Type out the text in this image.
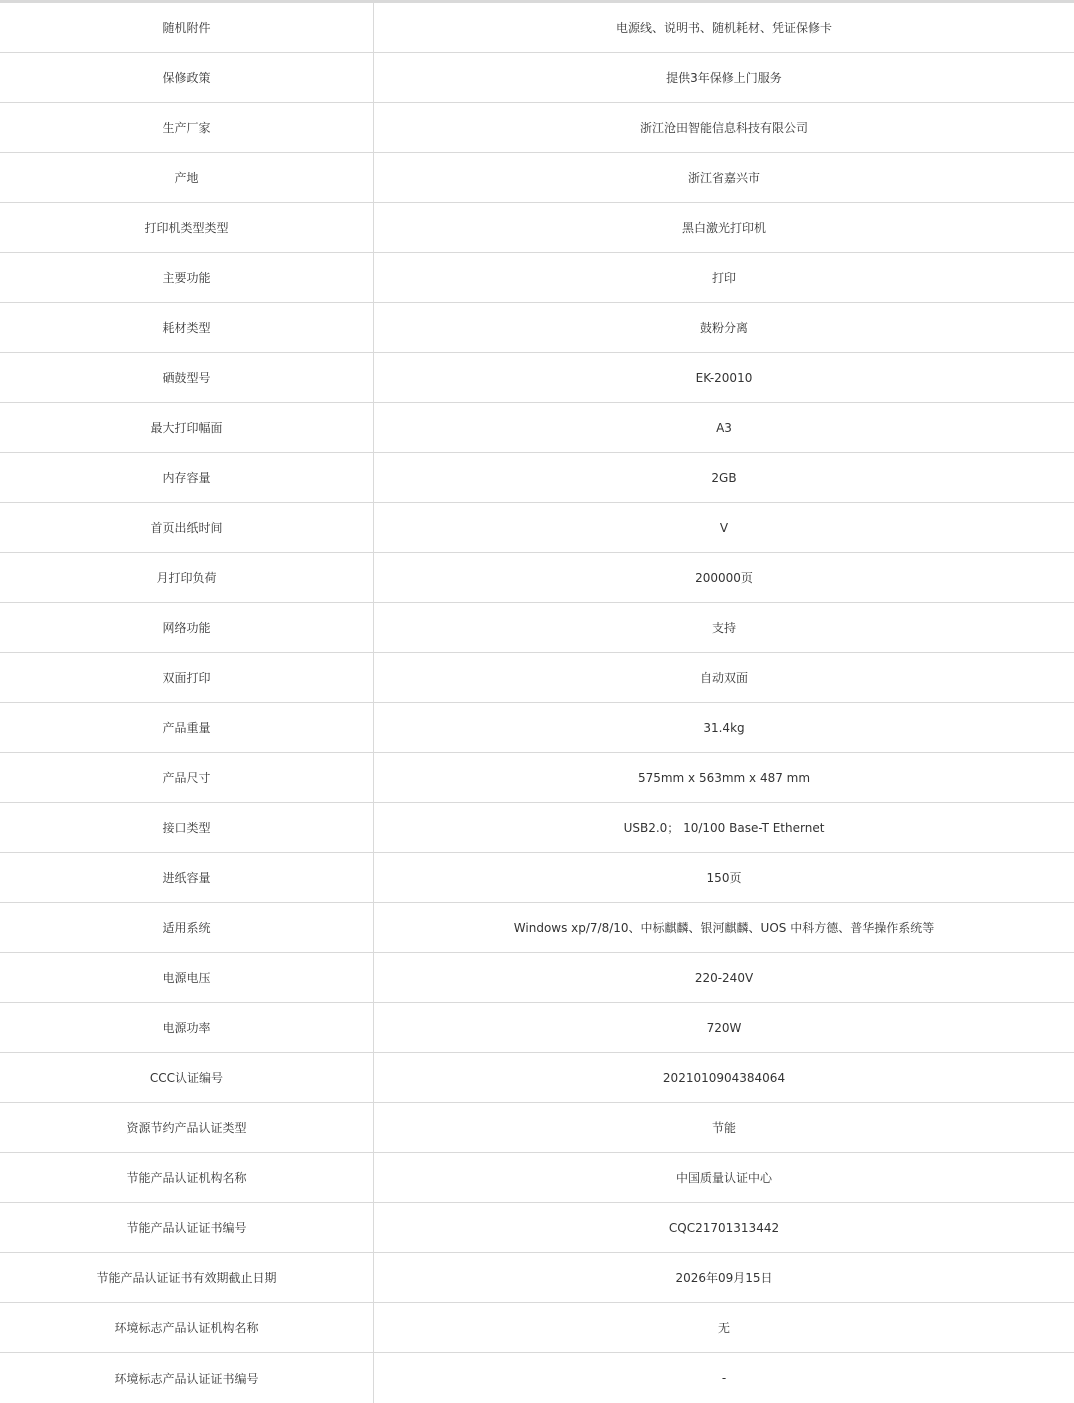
随机附件	电源线、说明书、随机耗材、凭证保修卡
保修政策	提供3年保修上门服务
生产厂家	浙江沧田智能信息科技有限公司
产地	浙江省嘉兴市
打印机类型类型	黑白激光打印机
主要功能	打印
耗材类型	鼓粉分离
硒鼓型号	EK-20010
最大打印幅面	A3
内存容量	2GB
首页出纸时间	V
月打印负荷	200000页
网络功能	支持
双面打印	自动双面
产品重量	31.4kg
产品尺寸	575mm x 563mm x 487 mm
接口类型	USB2.0； 10/100 Base-T Ethernet
进纸容量	150页
适用系统	Windows xp/7/8/10、中标麒麟、银河麒麟、UOS 中科方德、普华操作系统等
电源电压	220-240V
电源功率	720W
CCC认证编号	2021010904384064
资源节约产品认证类型	节能
节能产品认证机构名称	中国质量认证中心
节能产品认证证书编号	CQC21701313442
节能产品认证证书有效期截止日期	2026年09月15日
环境标志产品认证机构名称	无
环境标志产品认证证书编号	-
